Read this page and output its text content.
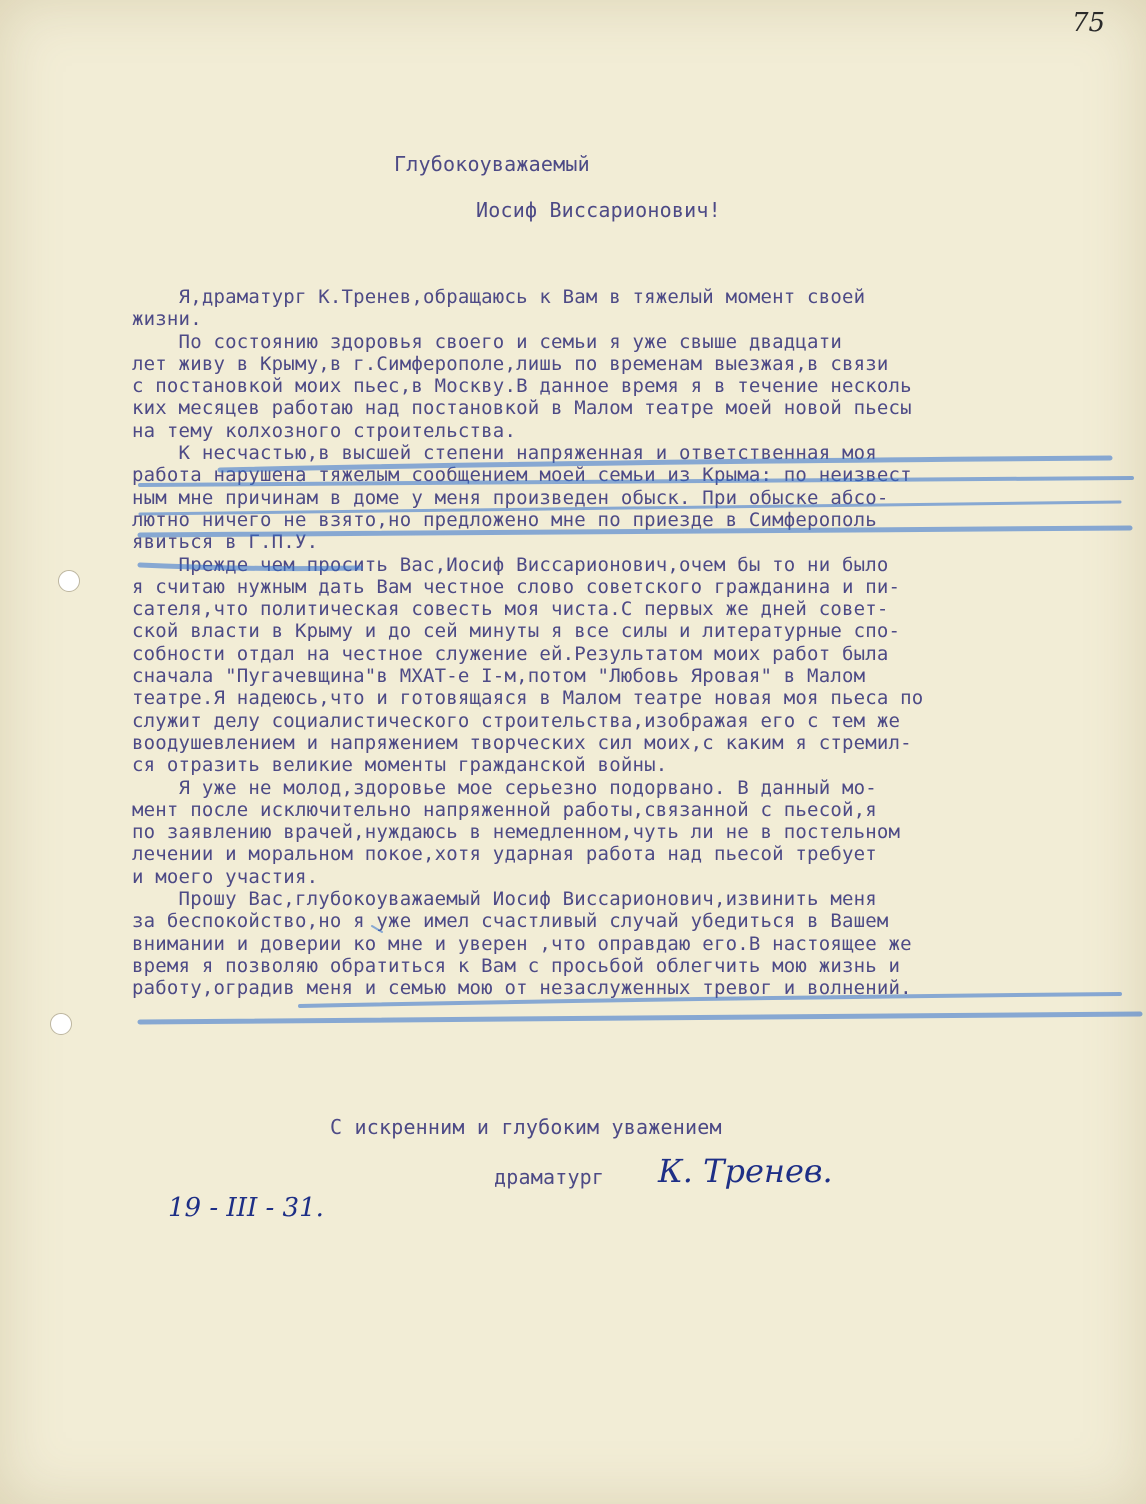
75

Глубокоуважаемый

Иосиф Виссарионович!

Я,драматург К.Тренев,обращаюсь к Вам в тяжелый момент своей
жизни.
По состоянию здоровья своего и семьи я уже свыше двадцати
лет живу в Крыму,в г.Симферополе,лишь по временам выезжая,в связи
с постановкой моих пьес,в Москву.В данное время я в течение несколь
ких месяцев работаю над постановкой в Малом театре моей новой пьесы
на тему колхозного строительства.
К несчастью,в высшей степени напряженная и ответственная моя
работа нарушена тяжелым сообщением моей семьи из Крыма: по неизвест
ным мне причинам в доме у меня произведен обыск. При обыске абсо-
лютно ничего не взято,но предложено мне по приезде в Симферополь
явиться в Г.П.У.
Прежде чем просить Вас,Иосиф Виссарионович,очем бы то ни было
я считаю нужным дать Вам честное слово советского гражданина и пи-
сателя,что политическая совесть моя чиста.С первых же дней совет-
ской власти в Крыму и до сей минуты я все силы и литературные спо-
собности отдал на честное служение ей.Результатом моих работ была
сначала "Пугачевщина"в МХАТ-е I-м,потом "Любовь Яровая" в Малом
театре.Я надеюсь,что и готовящаяся в Малом театре новая моя пьеса по
служит делу социалистического строительства,изображая его с тем же
воодушевлением и напряжением творческих сил моих,с каким я стремил-
ся отразить великие моменты гражданской войны.
Я уже не молод,здоровье мое серьезно подорвано. В данный мо-
мент после исключительно напряженной работы,связанной с пьесой,я
по заявлению врачей,нуждаюсь в немедленном,чуть ли не в постельном
лечении и моральном покое,хотя ударная работа над пьесой требует
и моего участия.
Прошу Вас,глубокоуважаемый Иосиф Виссарионович,извинить меня
за беспокойство,но я уже имел счастливый случай убедиться в Вашем
внимании и доверии ко мне и уверен ,что оправдаю его.В настоящее же
время я позволяю обратиться к Вам с просьбой облегчить мою жизнь и
работу,оградив меня и семью мою от незаслуженных тревог и волнений.

С искренним и глубоким уважением

драматург К. Тренев.
19 - III - 31.
